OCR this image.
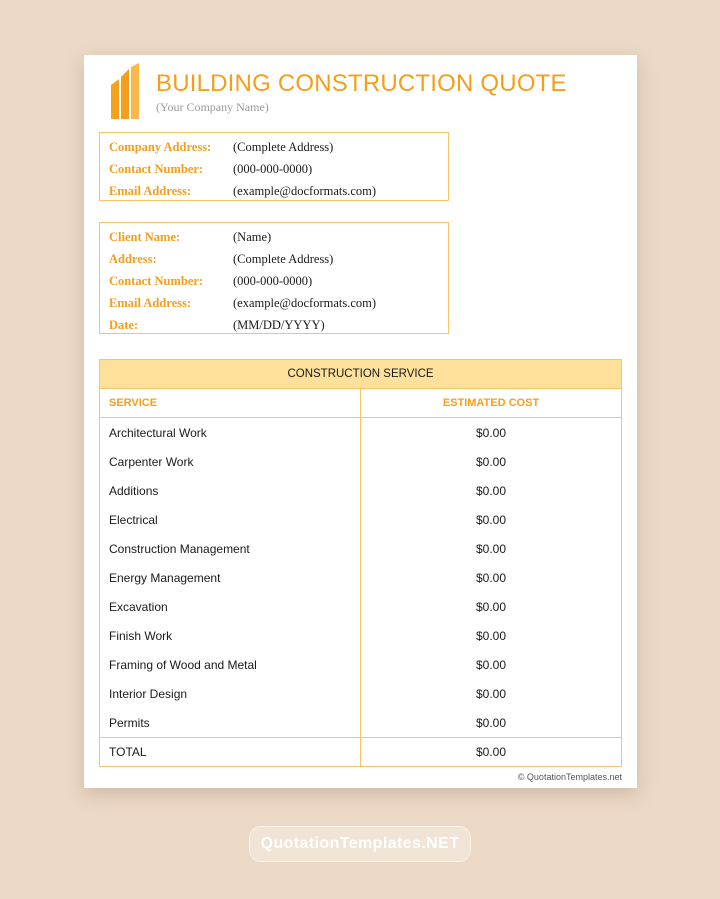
BUILDING CONSTRUCTION QUOTE
(Your Company Name)
Company Address:	(Complete Address)
Contact Number:	(000-000-0000)
Email Address:	(example@docformats.com)
Client Name:	(Name)
Address:	(Complete Address)
Contact Number:	(000-000-0000)
Email Address:	(example@docformats.com)
Date:	(MM/DD/YYYY)
CONSTRUCTION SERVICE
SERVICE	ESTIMATED COST
Architectural Work	$0.00
Carpenter Work	$0.00
Additions	$0.00
Electrical	$0.00
Construction Management	$0.00
Energy Management	$0.00
Excavation	$0.00
Finish Work	$0.00
Framing of Wood and Metal	$0.00
Interior Design	$0.00
Permits	$0.00
TOTAL	$0.00
© QuotationTemplates.net
QuotationTemplates.NET
